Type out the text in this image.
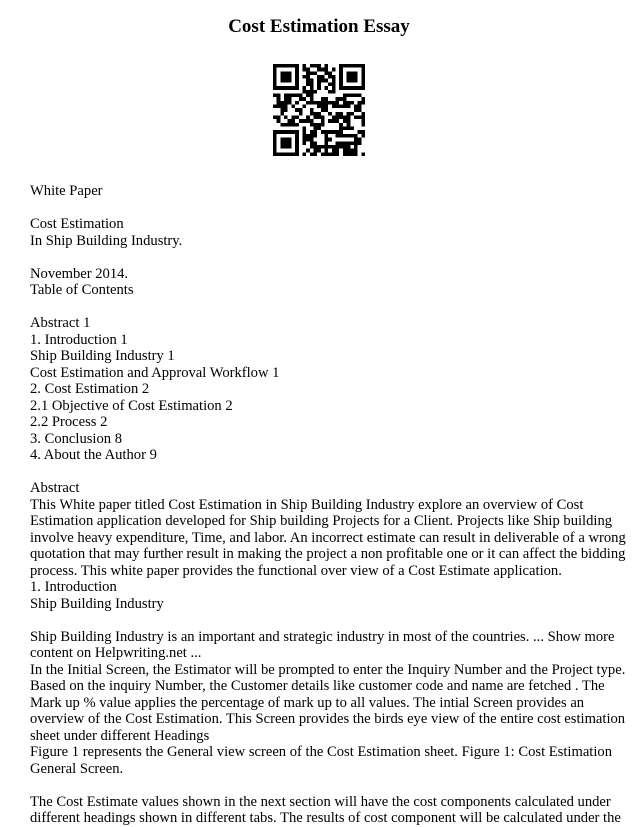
Cost Estimation Essay
White Paper
Cost Estimation
In Ship Building Industry.
November 2014.
Table of Contents
Abstract 1
1. Introduction 1
Ship Building Industry 1
Cost Estimation and Approval Workflow 1
2. Cost Estimation 2
2.1 Objective of Cost Estimation 2
2.2 Process 2
3. Conclusion 8
4. About the Author 9
Abstract
This White paper titled Cost Estimation in Ship Building Industry explore an overview of Cost
Estimation application developed for Ship building Projects for a Client. Projects like Ship building
involve heavy expenditure, Time, and labor. An incorrect estimate can result in deliverable of a wrong
quotation that may further result in making the project a non profitable one or it can affect the bidding
process. This white paper provides the functional over view of a Cost Estimate application.
1. Introduction
Ship Building Industry
Ship Building Industry is an important and strategic industry in most of the countries. ... Show more
content on Helpwriting.net ...
In the Initial Screen, the Estimator will be prompted to enter the Inquiry Number and the Project type.
Based on the inquiry Number, the Customer details like customer code and name are fetched . The
Mark up % value applies the percentage of mark up to all values. The intial Screen provides an
overview of the Cost Estimation. This Screen provides the birds eye view of the entire cost estimation
sheet under different Headings
Figure 1 represents the General view screen of the Cost Estimation sheet. Figure 1: Cost Estimation
General Screen.
The Cost Estimate values shown in the next section will have the cost components calculated under
different headings shown in different tabs. The results of cost component will be calculated under the
